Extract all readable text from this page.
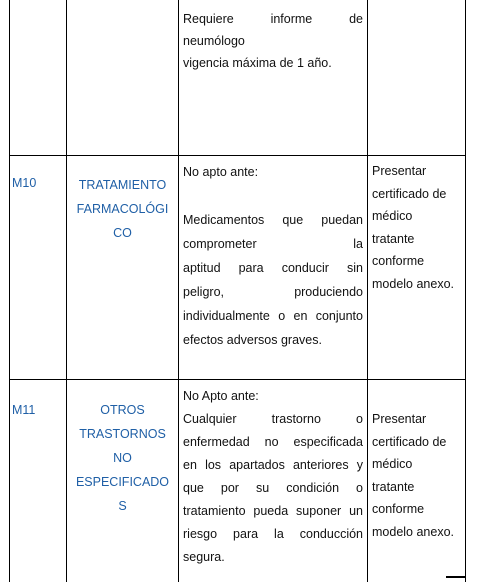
Requiere informe de
neumólogo
vigencia máxima de 1 año.
M10	TRATAMIENTO
FARMACOLÓGI
CO
No apto ante:
Medicamentos que puedan
comprometer la
aptitud para conducir sin
peligro, produciendo
individualmente o en conjunto
efectos adversos graves.
Presentar
certificado de
médico
tratante
conforme
modelo anexo.
M11	OTROS
TRASTORNOS
NO
ESPECIFICADO
S
No Apto ante:
Cualquier trastorno o
enfermedad no especificada
en los apartados anteriores y
que por su condición o
tratamiento pueda suponer un
riesgo para la conducción
segura.
Presentar
certificado de
médico
tratante
conforme
modelo anexo.
